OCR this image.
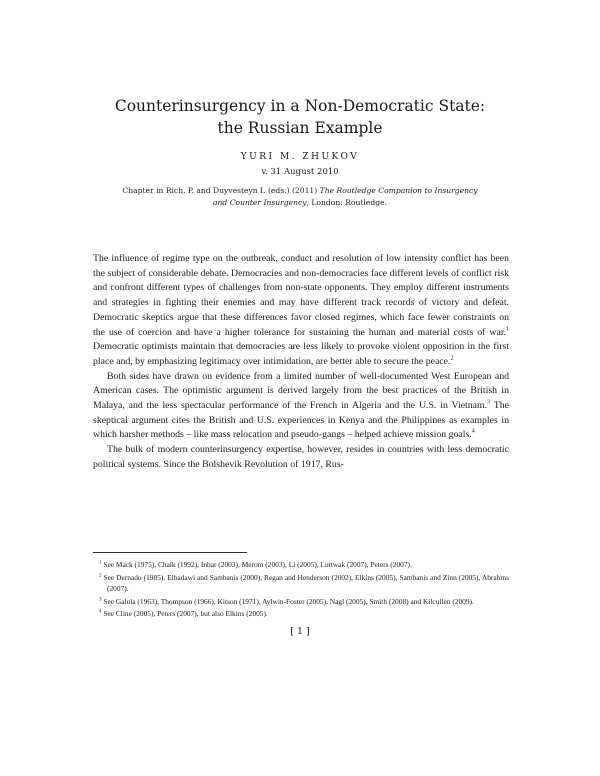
Counterinsurgency in a Non-Democratic State:
the Russian Example
YURI M. ZHUKOV
v. 31 August 2010
Chapter in Rich, P. and Duyvesteyn I. (eds.) (2011) The Routledge Companion to Insurgency and Counter Insurgency, London: Routledge.

The influence of regime type on the outbreak, conduct and resolution of low intensity conflict has been the subject of considerable debate. Democracies and non-democracies face different levels of conflict risk and confront different types of challenges from non-state opponents. They employ different instruments and strategies in fighting their enemies and may have different track records of victory and defeat. Democratic skeptics argue that these differences favor closed regimes, which face fewer constraints on the use of coercion and have a higher tolerance for sustaining the human and material costs of war.$^1$ Democratic optimists maintain that democracies are less likely to provoke violent opposition in the first place and, by emphasizing legitimacy over intimidation, are better able to secure the peace.$^2$

Both sides have drawn on evidence from a limited number of well-documented West European and American cases. The optimistic argument is derived largely from the best practices of the British in Malaya, and the less spectacular performance of the French in Algeria and the U.S. in Vietnam.$^3$ The skeptical argument cites the British and U.S. experiences in Kenya and the Philippines as examples in which harsher methods – like mass relocation and pseudo-gangs – helped achieve mission goals.$^4$

The bulk of modern counterinsurgency expertise, however, resides in countries with less democratic political systems. Since the Bolshevik Revolution of 1917, Rus-

$^1$ See Mack (1975), Chalk (1992), Inbar (2003), Merom (2003), Li (2005), Luttwak (2007), Peters (2007).

$^2$ See Dernado (1985), Elbadawi and Sambanis (2000), Regan and Henderson (2002), Elkins (2005), Sambanis and Zinn (2005), Abrahms (2007).

$^3$ See Galula (1963), Thompson (1966), Kitson (1971), Aylwin-Foster (2005), Nagl (2005), Smith (2008) and Kilcullen (2009).

$^4$ See Cline (2005), Peters (2007), but also Elkins (2005).

[ 1 ]
